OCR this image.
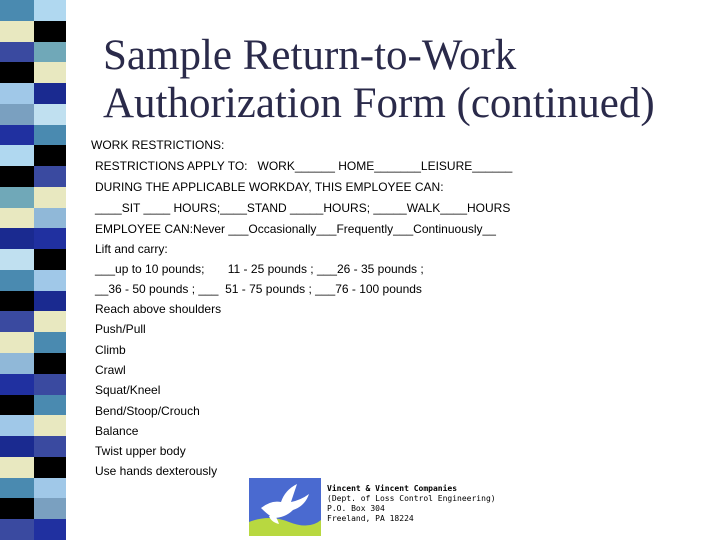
Sample Return-to-Work
Authorization Form (continued)
WORK RESTRICTIONS:
RESTRICTIONS APPLY TO:   WORK______ HOME_______LEISURE______
DURING THE APPLICABLE WORKDAY, THIS EMPLOYEE CAN:
____SIT ____ HOURS;____STAND _____HOURS; _____WALK____HOURS
EMPLOYEE CAN:Never ___Occasionally___Frequently___Continuously__
Lift and carry:
___up to 10 pounds;       11 - 25 pounds ; ___26 - 35 pounds ;
__36 - 50 pounds ; ___  51 - 75 pounds ; ___76 - 100 pounds
Reach above shoulders
Push/Pull
Climb
Crawl
Squat/Kneel
Bend/Stoop/Crouch
Balance
Twist upper body
Use hands dexterously
Vincent & Vincent Companies
(Dept. of Loss Control Engineering)
P.O. Box 304
Freeland, PA 18224
